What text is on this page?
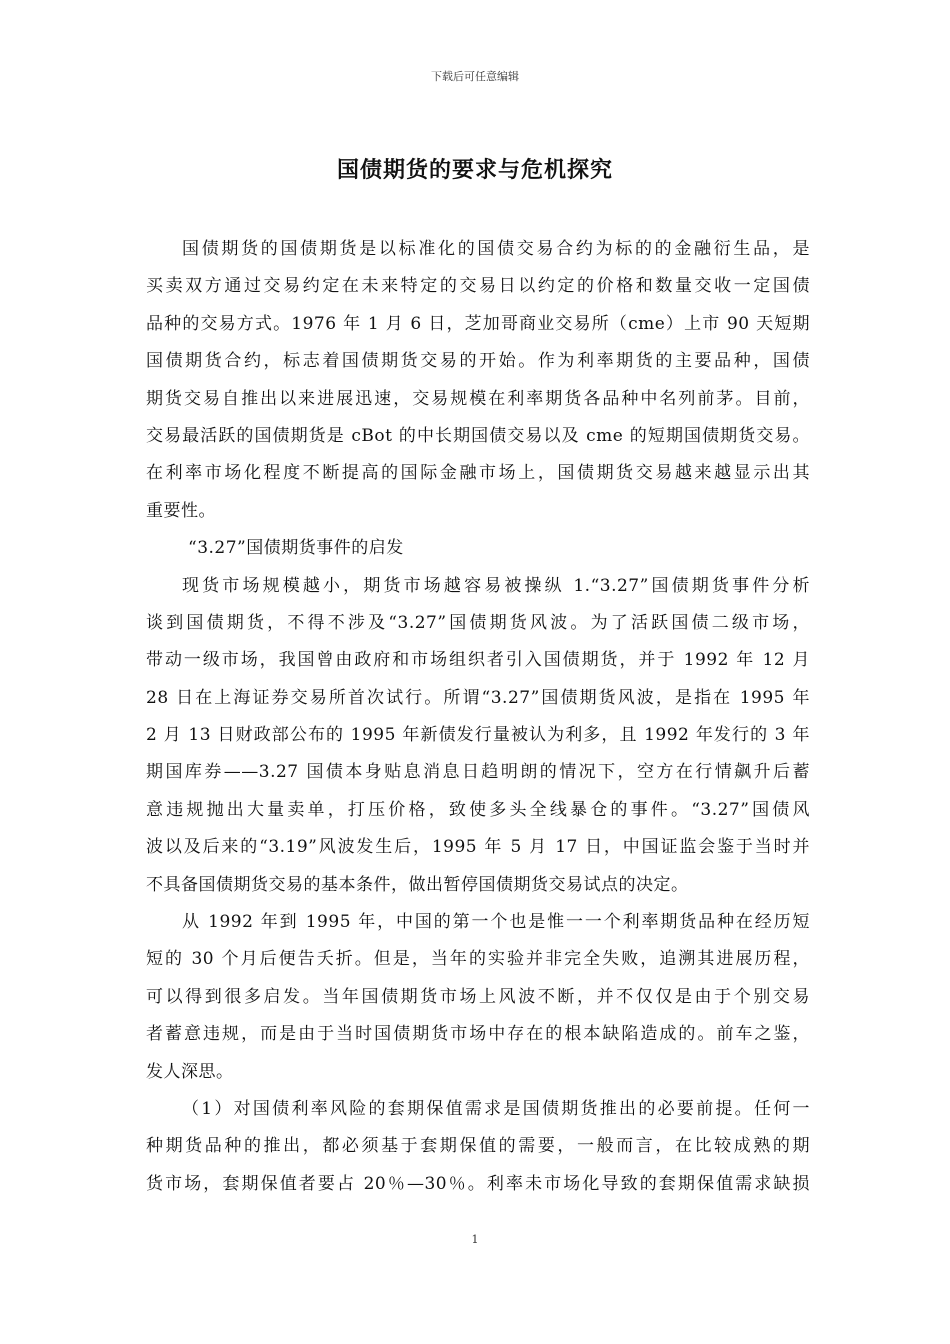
下载后可任意编辑
国债期货的要求与危机探究
国债期货的国债期货是以标准化的国债交易合约为标的的金融衍生品，是
买卖双方通过交易约定在未来特定的交易日以约定的价格和数量交收一定国债
品种的交易方式。1976 年 1 月 6 日，芝加哥商业交易所（cme）上市 90 天短期
国债期货合约，标志着国债期货交易的开始。作为利率期货的主要品种，国债
期货交易自推出以来进展迅速，交易规模在利率期货各品种中名列前茅。目前，
交易最活跃的国债期货是 cBot 的中长期国债交易以及 cme 的短期国债期货交易。
在利率市场化程度不断提高的国际金融市场上，国债期货交易越来越显示出其
重要性。
“3.27”国债期货事件的启发
现货市场规模越小，期货市场越容易被操纵 1.“3.27”国债期货事件分析
谈到国债期货，不得不涉及“3.27”国债期货风波。为了活跃国债二级市场，
带动一级市场，我国曾由政府和市场组织者引入国债期货，并于 1992 年 12 月
28 日在上海证券交易所首次试行。所谓“3.27”国债期货风波，是指在 1995 年
2 月 13 日财政部公布的 1995 年新债发行量被认为利多，且 1992 年发行的 3 年
期国库券——3.27 国债本身贴息消息日趋明朗的情况下，空方在行情飙升后蓄
意违规抛出大量卖单，打压价格，致使多头全线暴仓的事件。“3.27”国债风
波以及后来的“3.19”风波发生后，1995 年 5 月 17 日，中国证监会鉴于当时并
不具备国债期货交易的基本条件，做出暂停国债期货交易试点的决定。
从 1992 年到 1995 年，中国的第一个也是惟一一个利率期货品种在经历短
短的 30 个月后便告夭折。但是，当年的实验并非完全失败，追溯其进展历程，
可以得到很多启发。当年国债期货市场上风波不断，并不仅仅是由于个别交易
者蓄意违规，而是由于当时国债期货市场中存在的根本缺陷造成的。前车之鉴，
发人深思。
（1）对国债利率风险的套期保值需求是国债期货推出的必要前提。任何一
种期货品种的推出，都必须基于套期保值的需要，一般而言，在比较成熟的期
货市场，套期保值者要占 20％—30％。利率未市场化导致的套期保值需求缺损
1
